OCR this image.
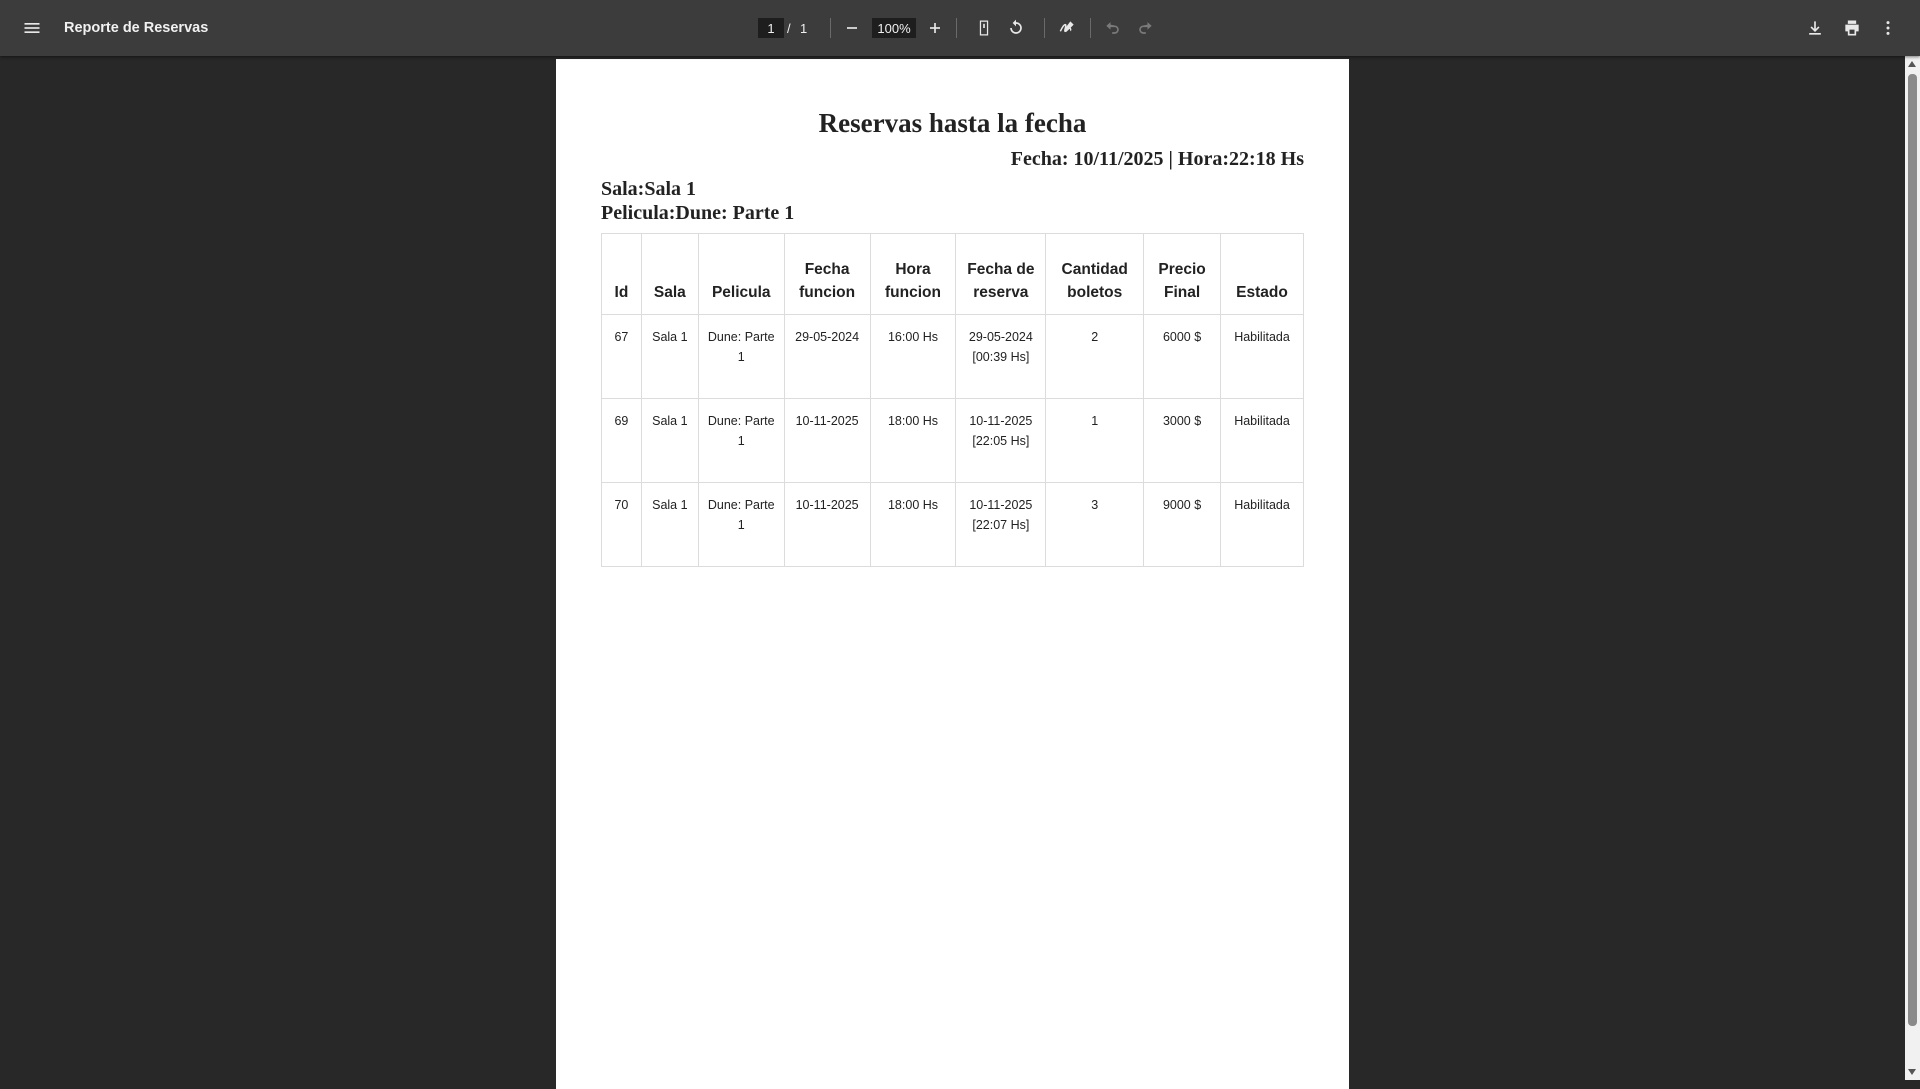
Reporte de Reservas
1	/ 1
100%
Reservas hasta la fecha
Fecha: 10/11/2025 | Hora:22:18 Hs
Sala:Sala 1
Pelicula:Dune: Parte 1
Id	Sala	Pelicula	Fecha funcion	Hora funcion	Fecha de reserva	Cantidad boletos	Precio Final	Estado
67	Sala 1	Dune: Parte 1	29-05-2024	16:00 Hs	29-05-2024 [00:39 Hs]	2	6000 $	Habilitada
69	Sala 1	Dune: Parte 1	10-11-2025	18:00 Hs	10-11-2025 [22:05 Hs]	1	3000 $	Habilitada
70	Sala 1	Dune: Parte 1	10-11-2025	18:00 Hs	10-11-2025 [22:07 Hs]	3	9000 $	Habilitada
